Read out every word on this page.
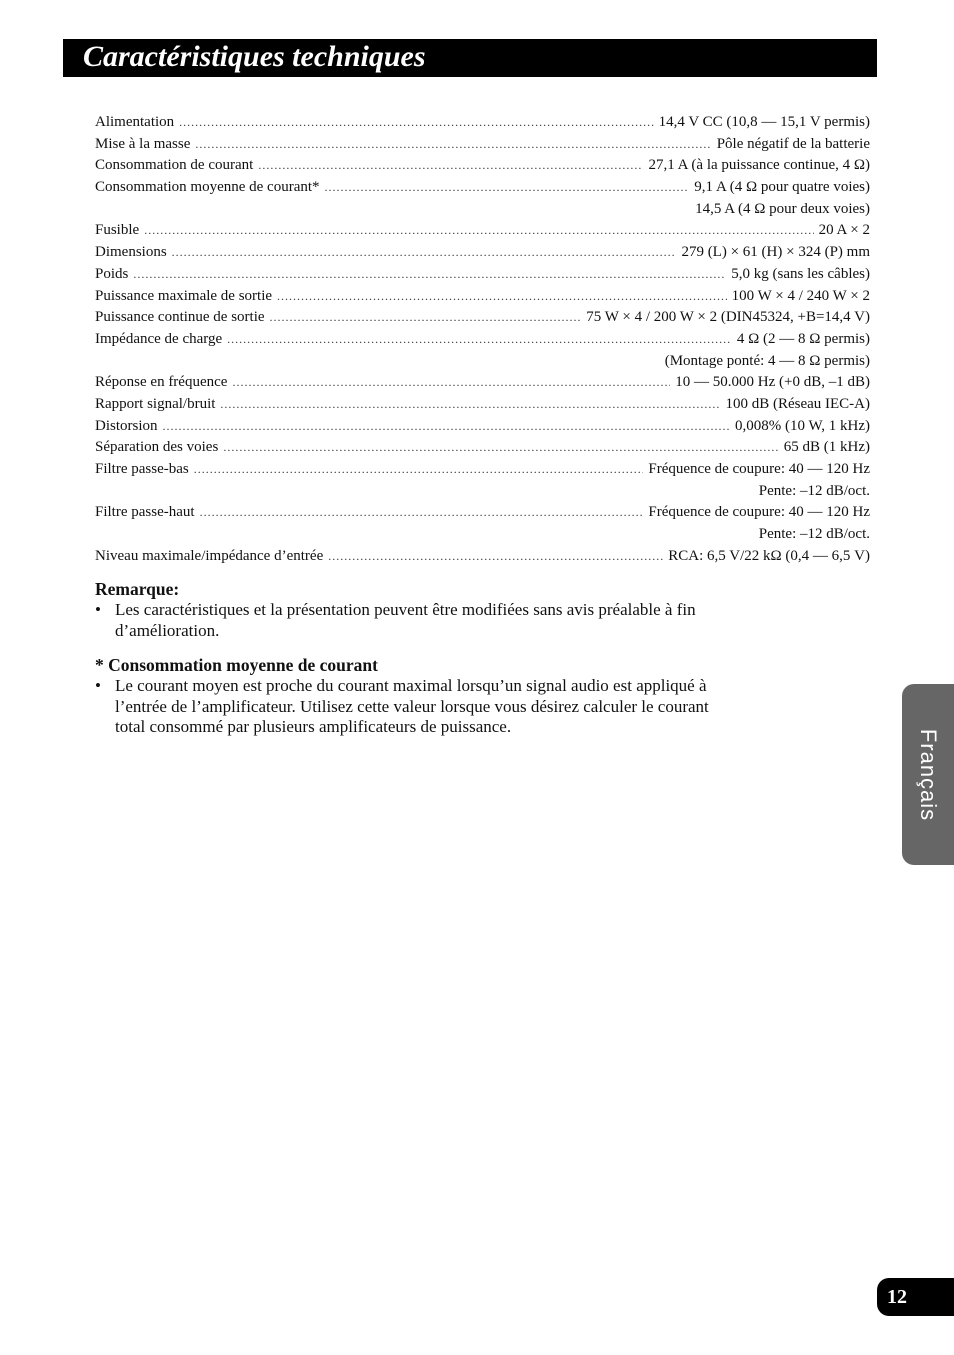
Caractéristiques techniques
Alimentation .....	14,4 V CC (10,8 — 15,1 V permis)
Mise à la masse .....	Pôle négatif de la batterie
Consommation de courant .....	27,1 A (à la puissance continue, 4 Ω)
Consommation moyenne de courant* .....	9,1 A (4 Ω pour quatre voies)
14,5 A (4 Ω pour deux voies)
Fusible .....	20 A × 2
Dimensions .....	279 (L) × 61 (H) × 324 (P) mm
Poids .....	5,0 kg (sans les câbles)
Puissance maximale de sortie .....	100 W × 4 / 240 W × 2
Puissance continue de sortie .....	75 W × 4 / 200 W × 2 (DIN45324, +B=14,4 V)
Impédance de charge .....	4 Ω (2 — 8 Ω permis)
(Montage ponté: 4 — 8 Ω permis)
Réponse en fréquence .....	10 — 50.000 Hz (+0 dB, –1 dB)
Rapport signal/bruit .....	100 dB (Réseau IEC-A)
Distorsion .....	0,008% (10 W, 1 kHz)
Séparation des voies .....	65 dB (1 kHz)
Filtre passe-bas .....	Fréquence de coupure: 40 — 120 Hz
Pente: –12 dB/oct.
Filtre passe-haut .....	Fréquence de coupure: 40 — 120 Hz
Pente: –12 dB/oct.
Niveau maximale/impédance d’entrée .....	RCA: 6,5 V/22 kΩ (0,4 — 6,5 V)
Remarque:
• Les caractéristiques et la présentation peuvent être modifiées sans avis préalable à fin d’amélioration.
* Consommation moyenne de courant
• Le courant moyen est proche du courant maximal lorsqu’un signal audio est appliqué à l’entrée de l’amplificateur. Utilisez cette valeur lorsque vous désirez calculer le courant total consommé par plusieurs amplificateurs de puissance.
Français
12
